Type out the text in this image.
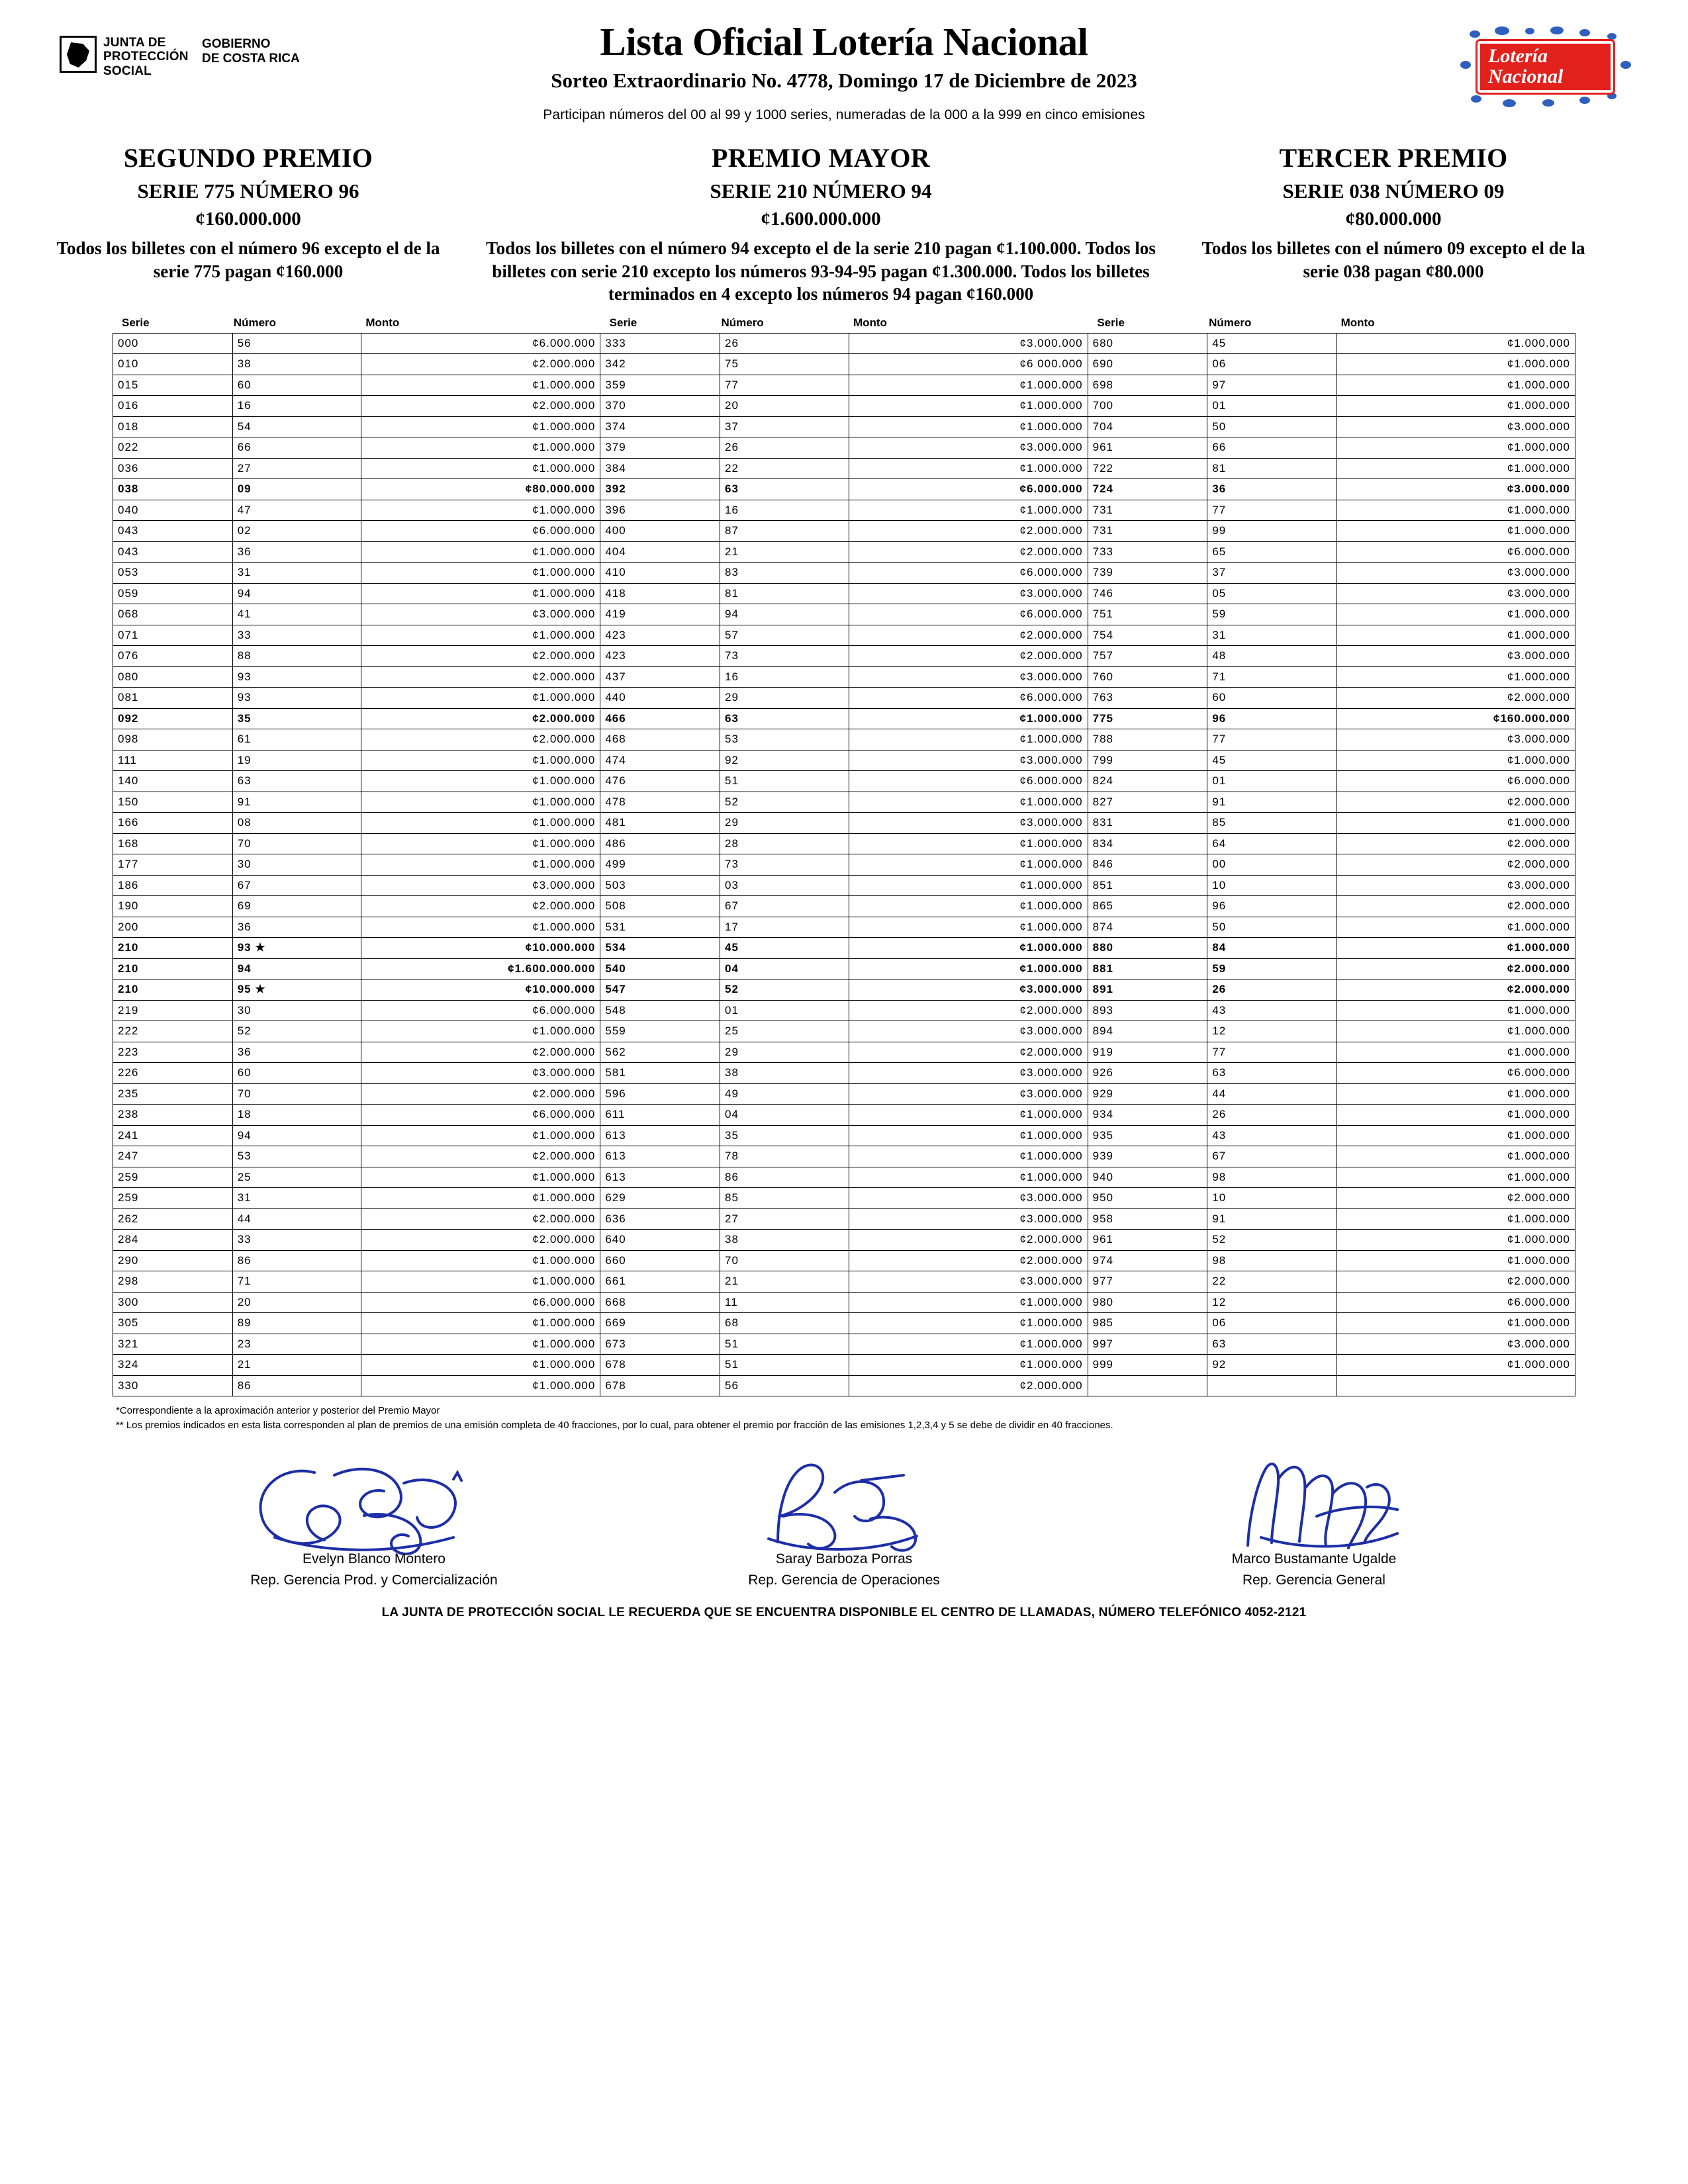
JUNTA DE
PROTECCIÓN
SOCIAL
GOBIERNO
DE COSTA RICA	Lista Oficial Lotería Nacional
Sorteo Extraordinario No. 4778, Domingo 17 de Diciembre de 2023
Participan números del 00 al 99 y 1000 series, numeradas de la 000 a la 999 en cinco emisiones
Lotería
Nacional
SEGUNDO PREMIO
SERIE 775 NÚMERO 96
¢160.000.000
Todos los billetes con el número 96 excepto el de la serie 775 pagan ¢160.000
PREMIO MAYOR
SERIE 210 NÚMERO 94
¢1.600.000.000
Todos los billetes con el número 94 excepto el de la serie 210 pagan ¢1.100.000. Todos los billetes con serie 210 excepto los números 93-94-95 pagan ¢1.300.000. Todos los billetes terminados en 4 excepto los números 94 pagan ¢160.000
TERCER PREMIO
SERIE 038 NÚMERO 09
¢80.000.000
Todos los billetes con el número 09 excepto el de la serie 038 pagan ¢80.000
Serie	Número	Monto	Serie	Número	Monto	Serie	Número	Monto
000	56	¢6.000.000	333	26	¢3.000.000	680	45	¢1.000.000
010	38	¢2.000.000	342	75	¢6 000.000	690	06	¢1.000.000
015	60	¢1.000.000	359	77	¢1.000.000	698	97	¢1.000.000
016	16	¢2.000.000	370	20	¢1.000.000	700	01	¢1.000.000
018	54	¢1.000.000	374	37	¢1.000.000	704	50	¢3.000.000
022	66	¢1.000.000	379	26	¢3.000.000	961	66	¢1.000.000
036	27	¢1.000.000	384	22	¢1.000.000	722	81	¢1.000.000
038	09	¢80.000.000	392	63	¢6.000.000	724	36	¢3.000.000
040	47	¢1.000.000	396	16	¢1.000.000	731	77	¢1.000.000
043	02	¢6.000.000	400	87	¢2.000.000	731	99	¢1.000.000
043	36	¢1.000.000	404	21	¢2.000.000	733	65	¢6.000.000
053	31	¢1.000.000	410	83	¢6.000.000	739	37	¢3.000.000
059	94	¢1.000.000	418	81	¢3.000.000	746	05	¢3.000.000
068	41	¢3.000.000	419	94	¢6.000.000	751	59	¢1.000.000
071	33	¢1.000.000	423	57	¢2.000.000	754	31	¢1.000.000
076	88	¢2.000.000	423	73	¢2.000.000	757	48	¢3.000.000
080	93	¢2.000.000	437	16	¢3.000.000	760	71	¢1.000.000
081	93	¢1.000.000	440	29	¢6.000.000	763	60	¢2.000.000
092	35	¢2.000.000	466	63	¢1.000.000	775	96	¢160.000.000
098	61	¢2.000.000	468	53	¢1.000.000	788	77	¢3.000.000
111	19	¢1.000.000	474	92	¢3.000.000	799	45	¢1.000.000
140	63	¢1.000.000	476	51	¢6.000.000	824	01	¢6.000.000
150	91	¢1.000.000	478	52	¢1.000.000	827	91	¢2.000.000
166	08	¢1.000.000	481	29	¢3.000.000	831	85	¢1.000.000
168	70	¢1.000.000	486	28	¢1.000.000	834	64	¢2.000.000
177	30	¢1.000.000	499	73	¢1.000.000	846	00	¢2.000.000
186	67	¢3.000.000	503	03	¢1.000.000	851	10	¢3.000.000
190	69	¢2.000.000	508	67	¢1.000.000	865	96	¢2.000.000
200	36	¢1.000.000	531	17	¢1.000.000	874	50	¢1.000.000
210	93 ★	¢10.000.000	534	45	¢1.000.000	880	84	¢1.000.000
210	94	¢1.600.000.000	540	04	¢1.000.000	881	59	¢2.000.000
210	95 ★	¢10.000.000	547	52	¢3.000.000	891	26	¢2.000.000
219	30	¢6.000.000	548	01	¢2.000.000	893	43	¢1.000.000
222	52	¢1.000.000	559	25	¢3.000.000	894	12	¢1.000.000
223	36	¢2.000.000	562	29	¢2.000.000	919	77	¢1.000.000
226	60	¢3.000.000	581	38	¢3.000.000	926	63	¢6.000.000
235	70	¢2.000.000	596	49	¢3.000.000	929	44	¢1.000.000
238	18	¢6.000.000	611	04	¢1.000.000	934	26	¢1.000.000
241	94	¢1.000.000	613	35	¢1.000.000	935	43	¢1.000.000
247	53	¢2.000.000	613	78	¢1.000.000	939	67	¢1.000.000
259	25	¢1.000.000	613	86	¢1.000.000	940	98	¢1.000.000
259	31	¢1.000.000	629	85	¢3.000.000	950	10	¢2.000.000
262	44	¢2.000.000	636	27	¢3.000.000	958	91	¢1.000.000
284	33	¢2.000.000	640	38	¢2.000.000	961	52	¢1.000.000
290	86	¢1.000.000	660	70	¢2.000.000	974	98	¢1.000.000
298	71	¢1.000.000	661	21	¢3.000.000	977	22	¢2.000.000
300	20	¢6.000.000	668	11	¢1.000.000	980	12	¢6.000.000
305	89	¢1.000.000	669	68	¢1.000.000	985	06	¢1.000.000
321	23	¢1.000.000	673	51	¢1.000.000	997	63	¢3.000.000
324	21	¢1.000.000	678	51	¢1.000.000	999	92	¢1.000.000
330	86	¢1.000.000	678	56	¢2.000.000			
*Correspondiente a la aproximación anterior y posterior del Premio Mayor
** Los premios indicados en esta lista corresponden al plan de premios de una emisión completa de 40 fracciones, por lo cual, para obtener el premio por fracción de las emisiones 1,2,3,4 y 5 se debe de dividir en 40 fracciones.
Evelyn Blanco Montero
Rep. Gerencia Prod. y Comercialización
Saray Barboza Porras
Rep. Gerencia de Operaciones
Marco Bustamante Ugalde
Rep. Gerencia General
LA JUNTA DE PROTECCIÓN SOCIAL LE RECUERDA QUE SE ENCUENTRA DISPONIBLE EL CENTRO DE LLAMADAS, NÚMERO TELEFÓNICO 4052-2121
